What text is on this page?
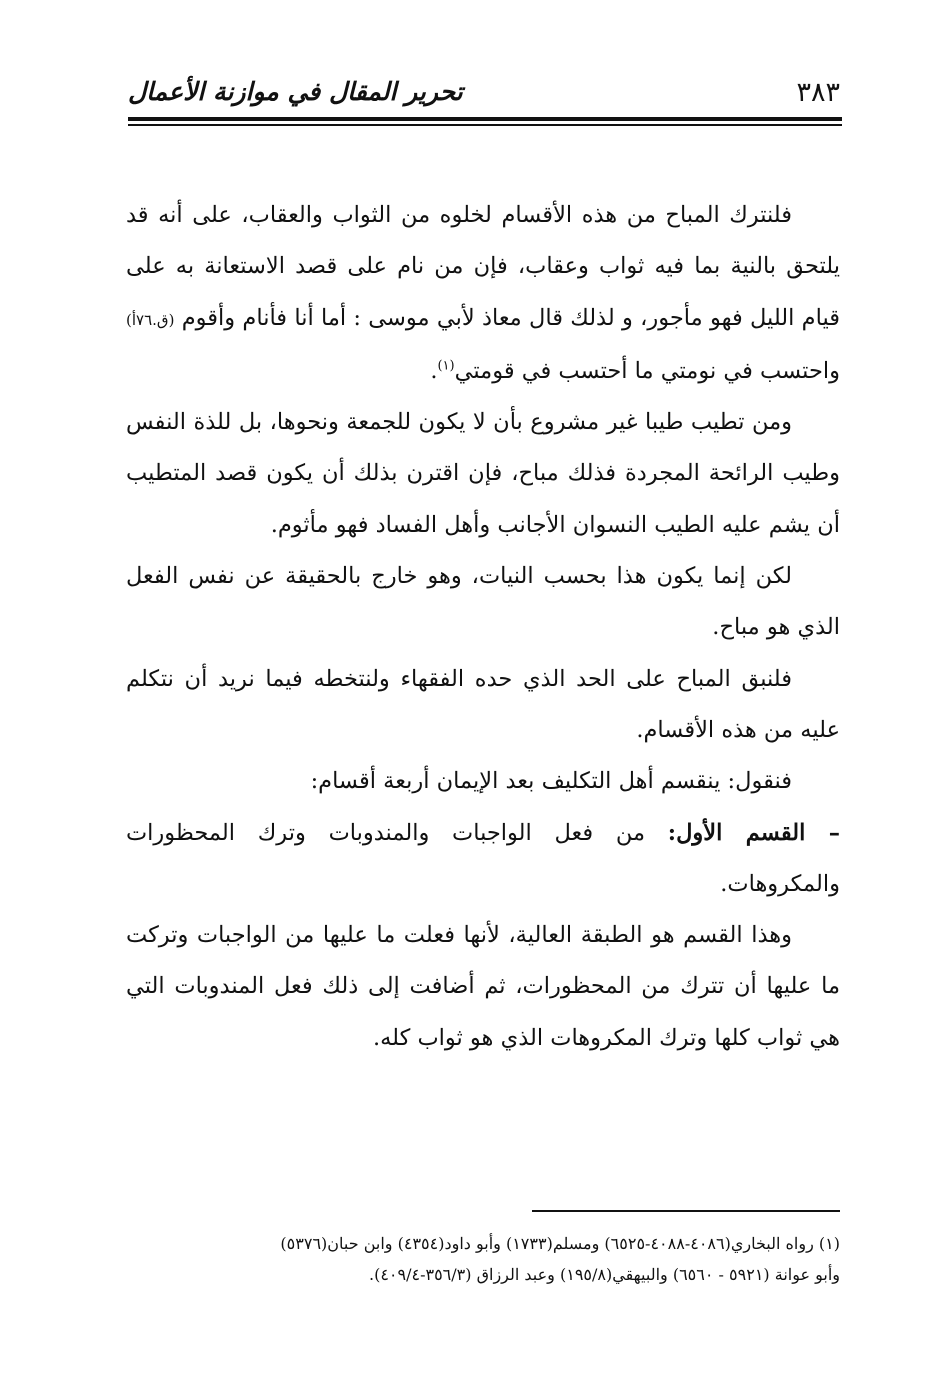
٣٨٣
تحرير المقال في موازنة الأعمال

فلنترك المباح من هذه الأقسام لخلوه من الثواب والعقاب، على أنه قد يلتحق بالنية بما فيه ثواب وعقاب، فإن من نام على قصد الاستعانة به على قيام الليل فهو مأجور، و لذلك قال معاذ لأبي موسى : أما أنا فأنام وأقوم (ق.٧٦أ) واحتسب في نومتي ما أحتسب في قومتي$^{(١)}$.

ومن تطيب طيبا غير مشروع بأن لا يكون للجمعة ونحوها، بل للذة النفس وطيب الرائحة المجردة فذلك مباح، فإن اقترن بذلك أن يكون قصد المتطيب أن يشم عليه الطيب النسوان الأجانب وأهل الفساد فهو مأثوم.

لكن إنما يكون هذا بحسب النيات، وهو خارج بالحقيقة عن نفس الفعل الذي هو مباح.

فلنبق المباح على الحد الذي حده الفقهاء ولنتخطه فيما نريد أن نتكلم عليه من هذه الأقسام.

فنقول: ينقسم أهل التكليف بعد الإيمان أربعة أقسام:

– القسم الأول: من فعل الواجبات والمندوبات وترك المحظورات والمكروهات.

وهذا القسم هو الطبقة العالية، لأنها فعلت ما عليها من الواجبات وتركت ما عليها أن تترك من المحظورات، ثم أضافت إلى ذلك فعل المندوبات التي هي ثواب كلها وترك المكروهات الذي هو ثواب كله.

(١) رواه البخاري(٤٠٨٦-٤٠٨٨-٦٥٢٥) ومسلم(١٧٣٣) وأبو داود(٤٣٥٤) وابن حبان(٥٣٧٦)

وأبو عوانة (٥٩٢١ - ٦٥٦٠) والبيهقي(١٩٥/٨) وعبد الرزاق (٣٥٦/٣-٤٠٩/٤).
